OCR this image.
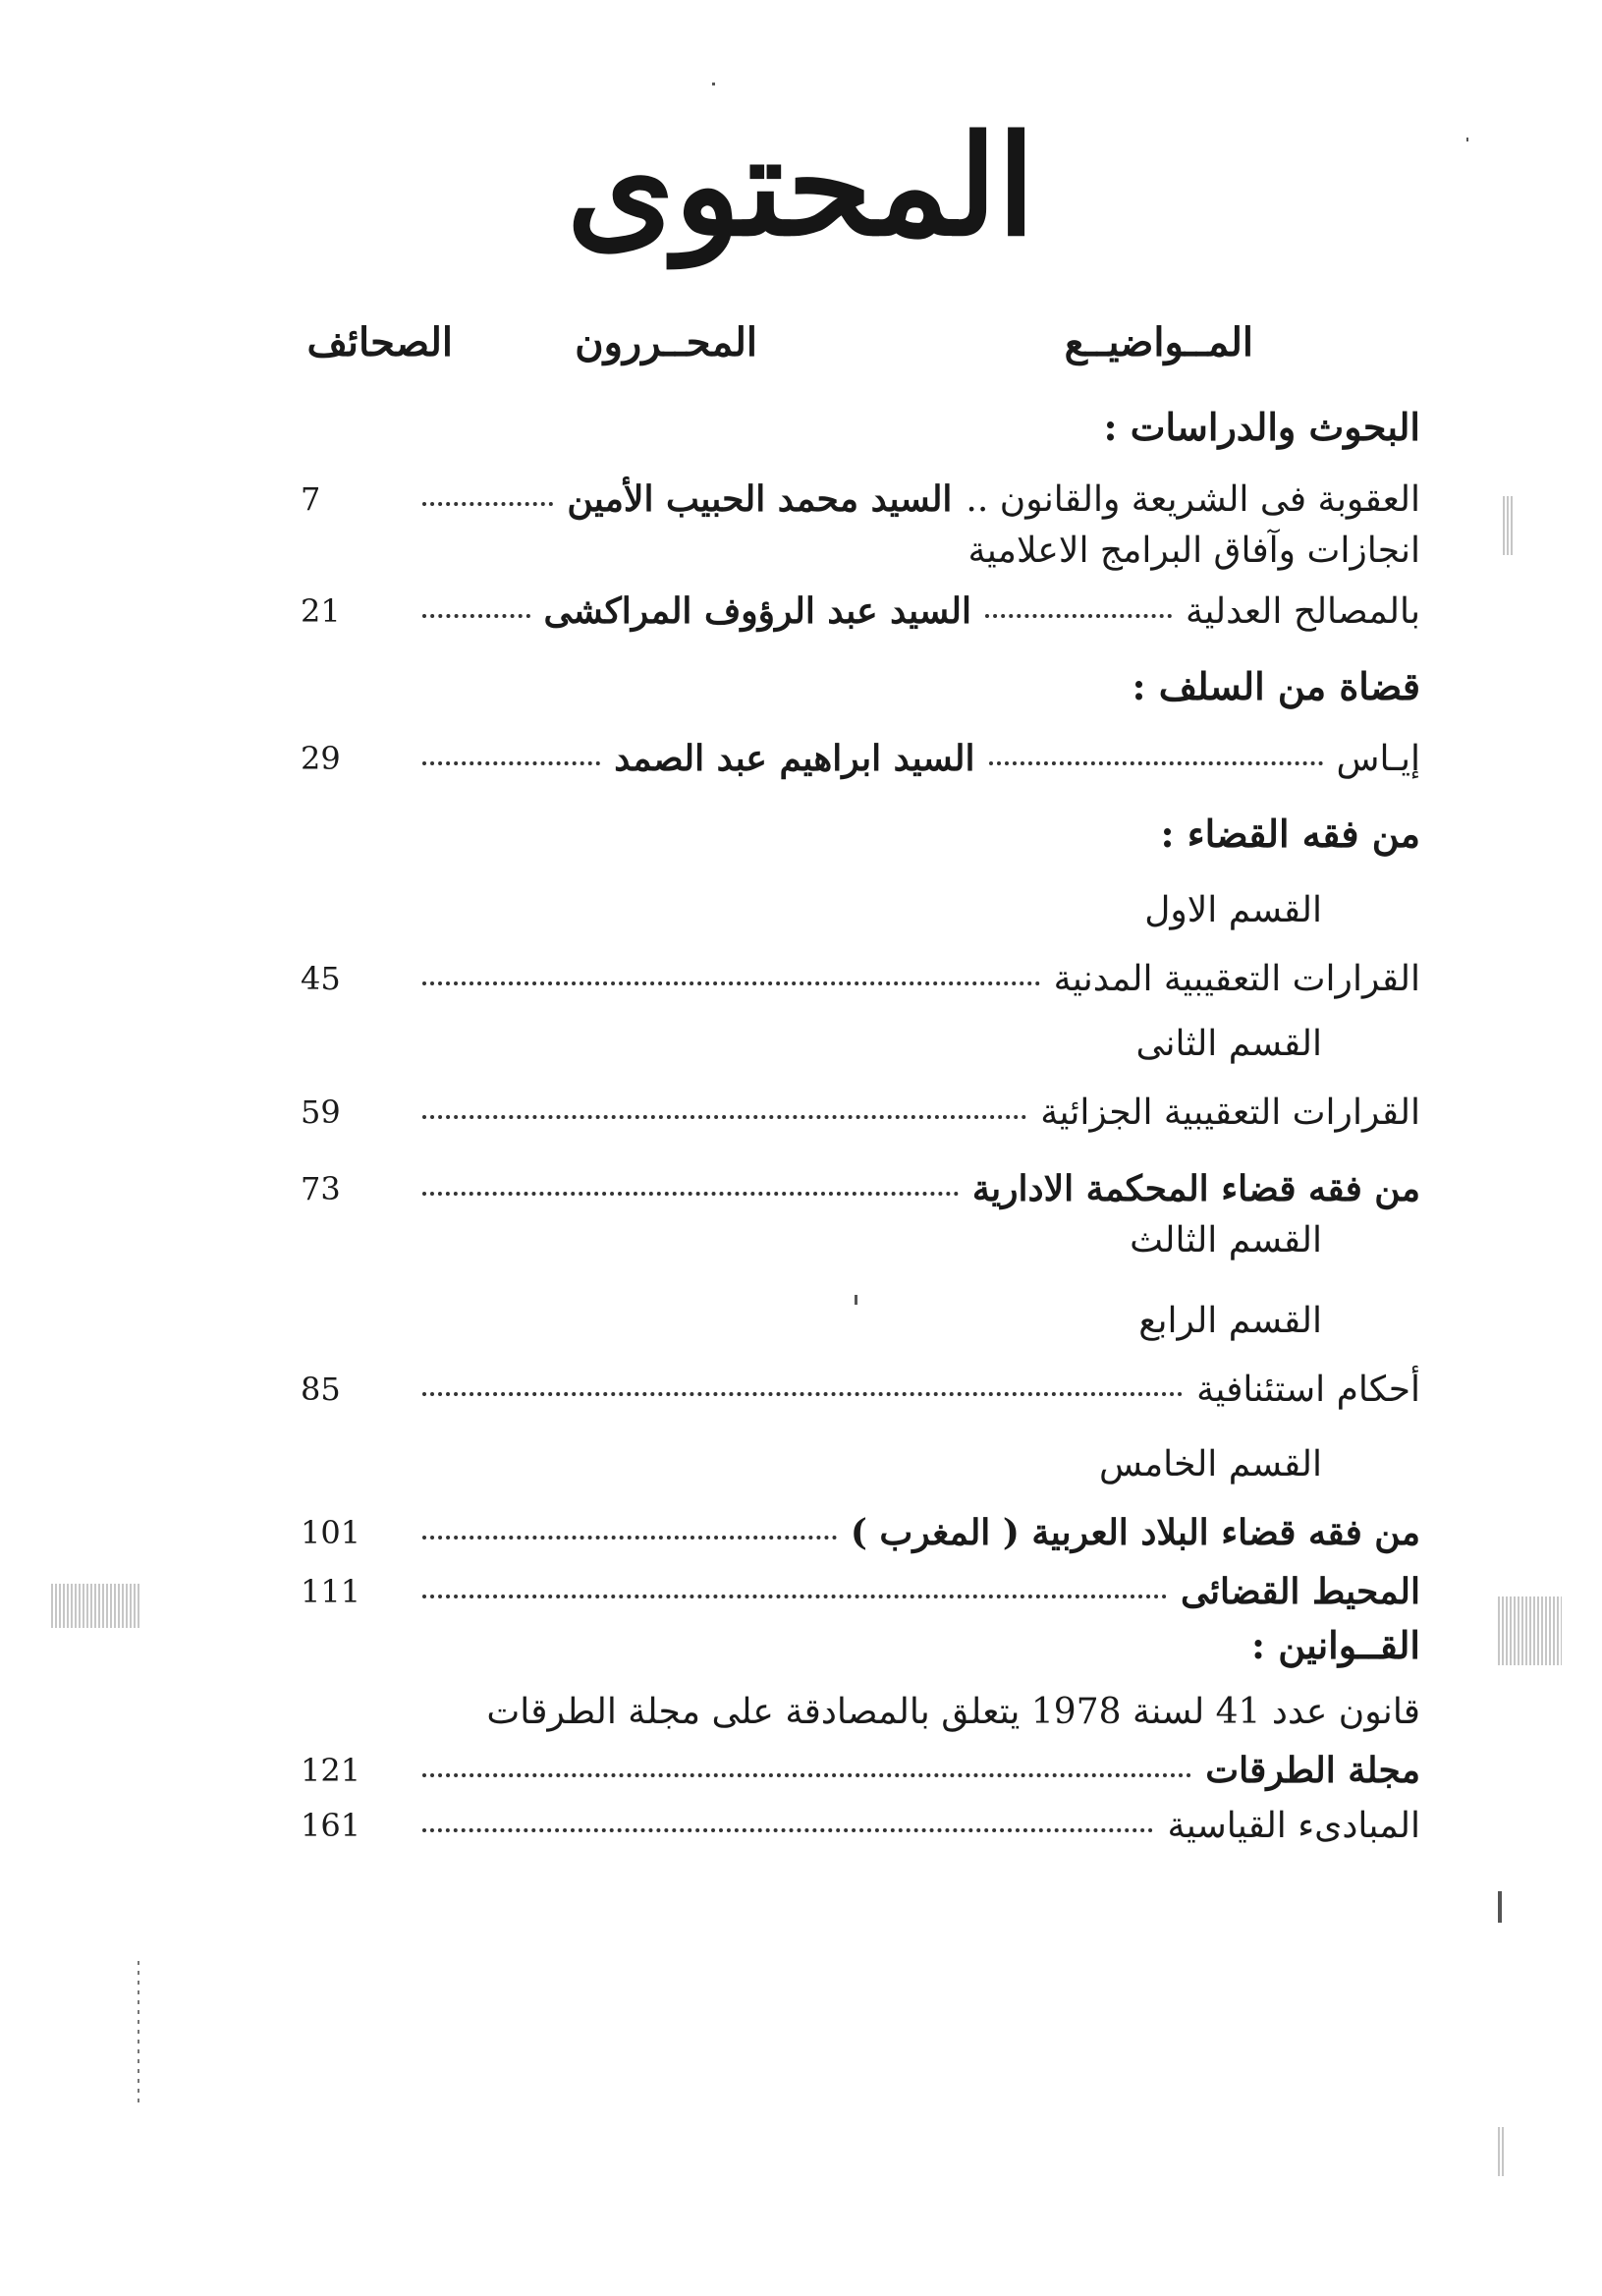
المحتوى
المــواضيــع
المحــررون
الصحائف
البحوث والدراسات :
العقوبة فى الشريعة والقانون ..
السيد محمد الحبيب الأمين
7
انجازات وآفاق البرامج الاعلامية
بالمصالح العدلية
السيد عبد الرؤوف المراكشى
21
قضاة من السلف :
إيـاس
السيد ابراهيم عبد الصمد
29
من فقه القضاء :
القسم الاول
القرارات التعقيبية المدنية
45
القسم الثانى
القرارات التعقيبية الجزائية
59
من فقه قضاء المحكمة الادارية
73
القسم الثالث
القسم الرابع
أحكام استئنافية
85
القسم الخامس
من فقه قضاء البلاد العربية ( المغرب )
101
المحيط القضائى
111
القــوانين :
قانون عدد 41 لسنة 1978 يتعلق بالمصادقة على مجلة الطرقات
مجلة الطرقات
121
المبادىء القياسية
161
